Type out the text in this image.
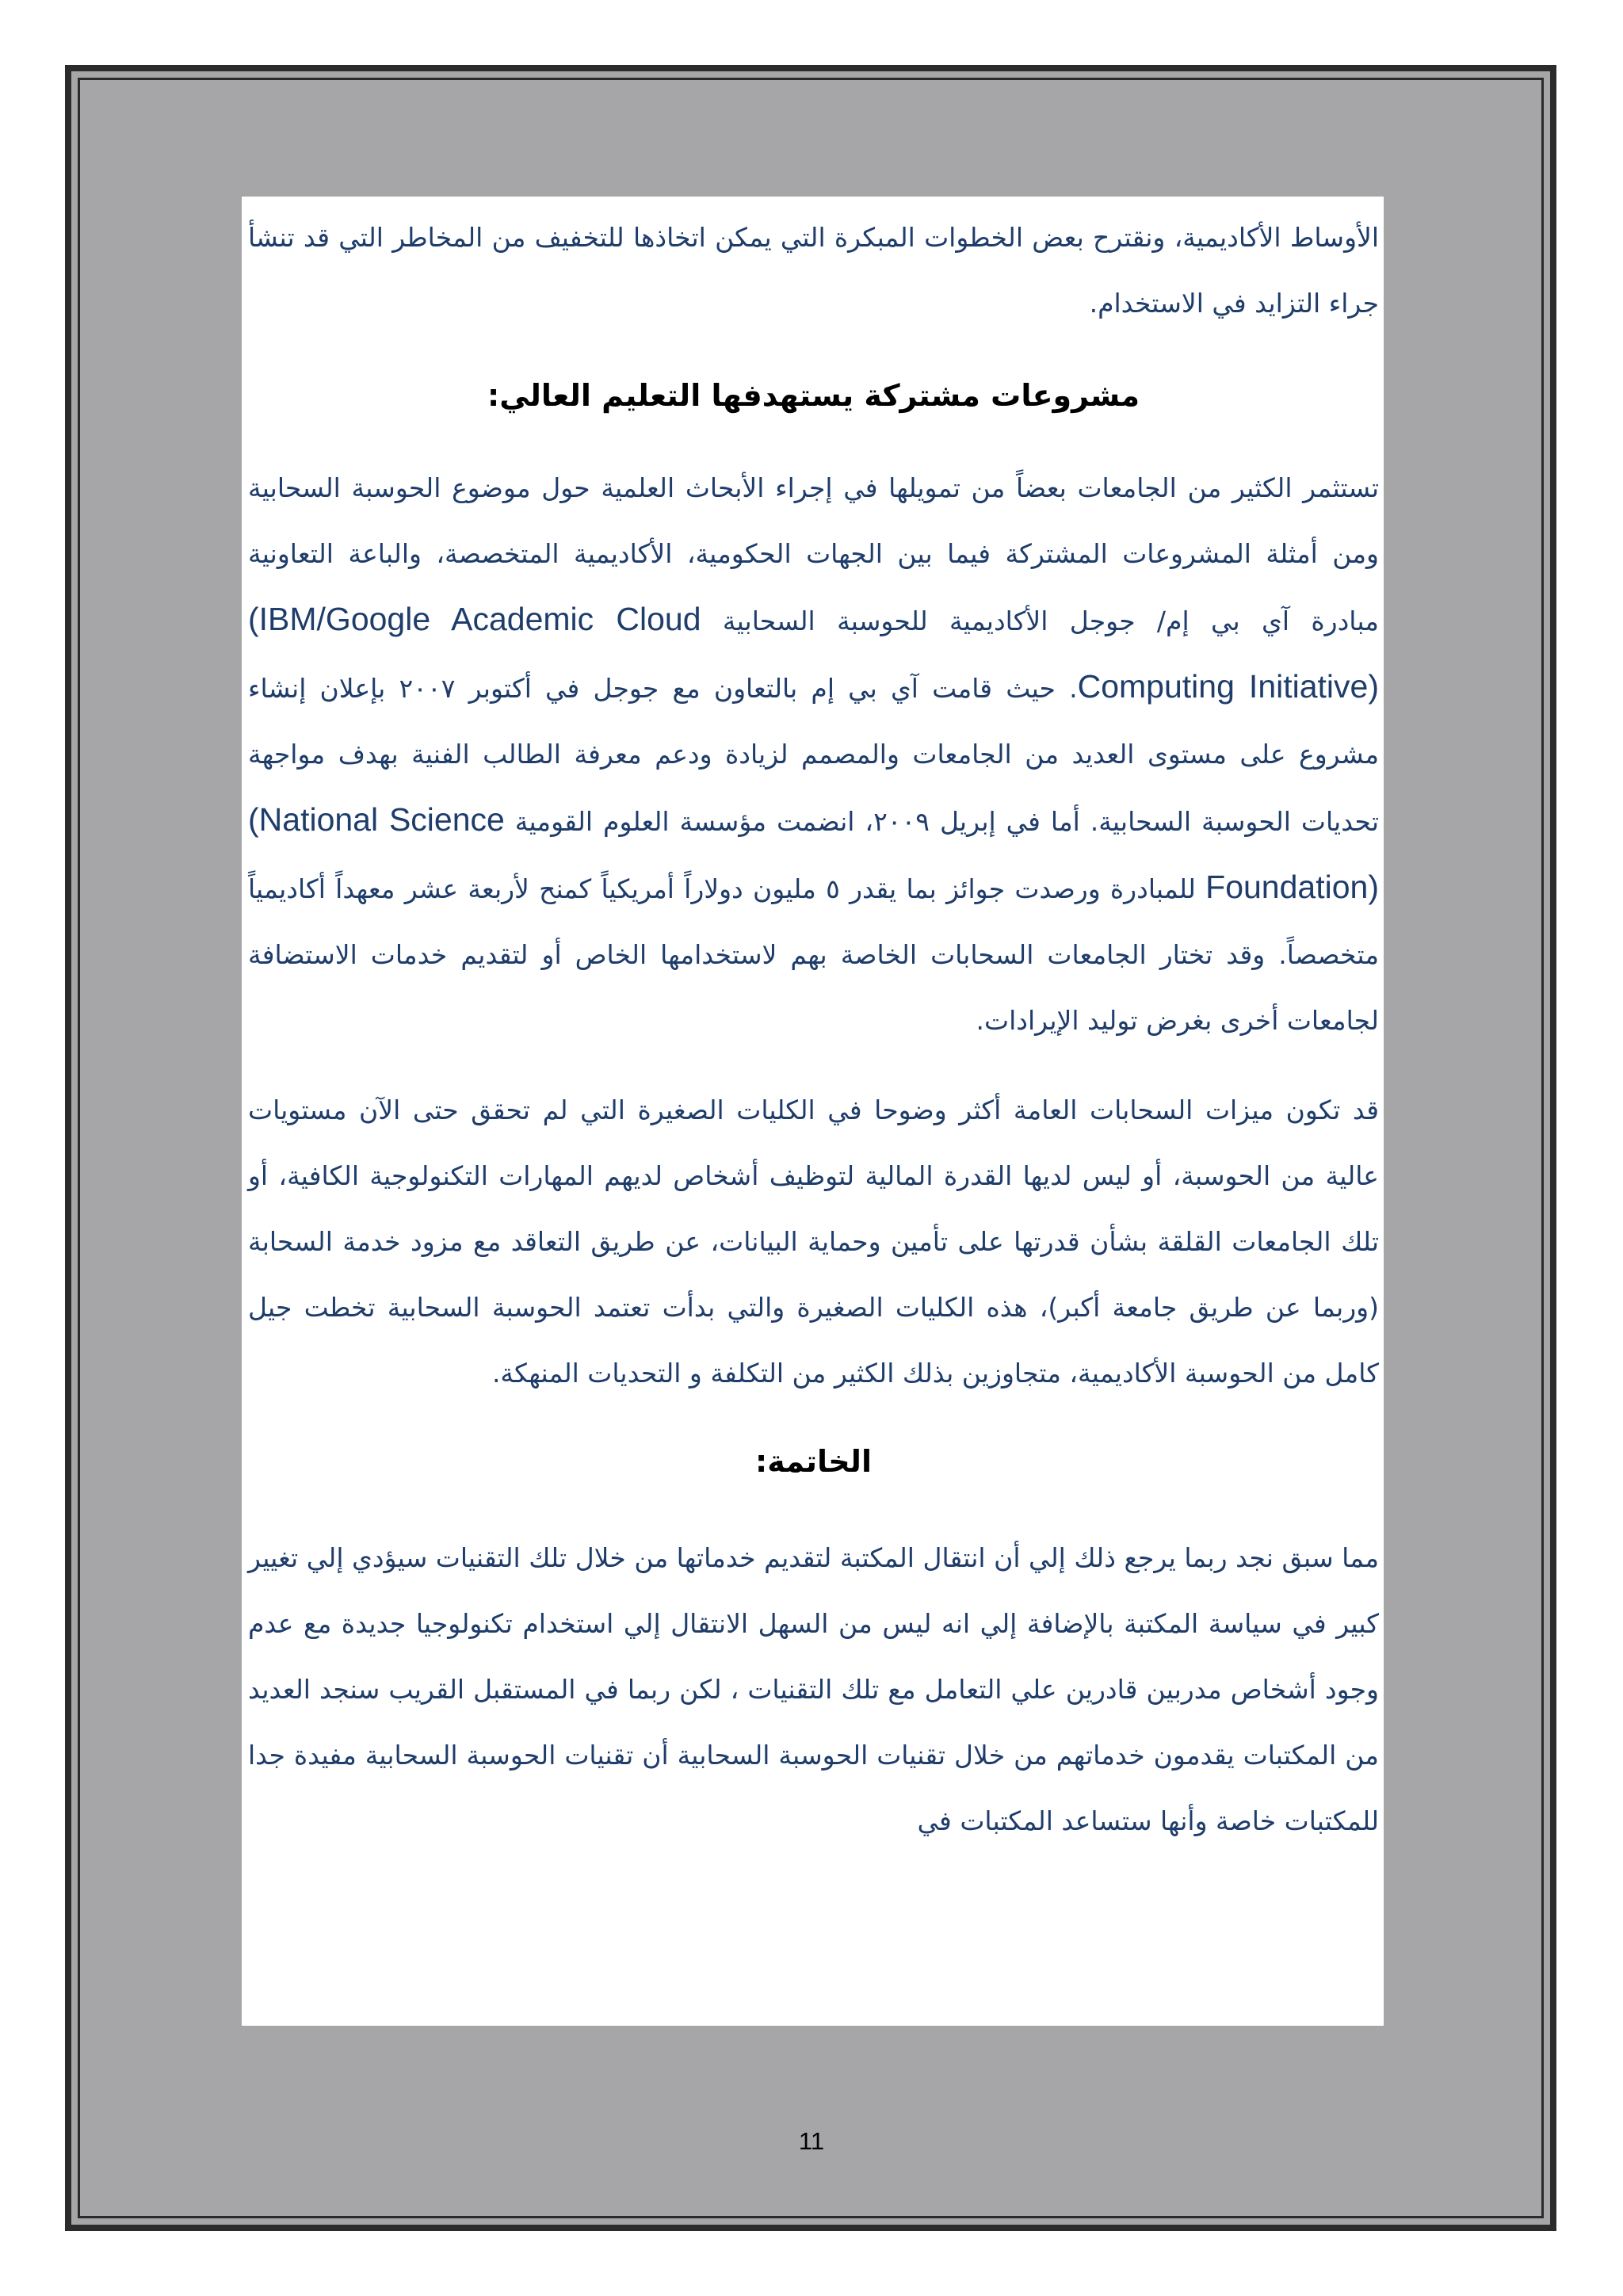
الأوساط الأكاديمية، ونقترح بعض الخطوات المبكرة التي يمكن اتخاذها للتخفيف من المخاطر التي قد تنشأ جراء التزايد في الاستخدام.

مشروعات مشتركة يستهدفها التعليم العالي:

تستثمر الكثير من الجامعات بعضاً من تمويلها في إجراء الأبحاث العلمية حول موضوع الحوسبة السحابية ومن أمثلة المشروعات المشتركة فيما بين الجهات الحكومية، الأكاديمية المتخصصة، والباعة التعاونية مبادرة آي بي إم/ جوجل الأكاديمية للحوسبة السحابية (IBM/Google Academic Cloud Computing Initiative). حيث قامت آي بي إم بالتعاون مع جوجل في أكتوبر ٢٠٠٧ بإعلان إنشاء مشروع على مستوى العديد من الجامعات والمصمم لزيادة ودعم معرفة الطالب الفنية بهدف مواجهة تحديات الحوسبة السحابية. أما في إبريل ٢٠٠٩، انضمت مؤسسة العلوم القومية (National Science Foundation) للمبادرة ورصدت جوائز بما يقدر ٥ مليون دولاراً أمريكياً كمنح لأربعة عشر معهداً أكاديمياً متخصصاً. وقد تختار الجامعات السحابات الخاصة بهم لاستخدامها الخاص أو لتقديم خدمات الاستضافة لجامعات أخرى بغرض توليد الإيرادات.

قد تكون ميزات السحابات العامة أكثر وضوحا في الكليات الصغيرة التي لم تحقق حتى الآن مستويات عالية من الحوسبة، أو ليس لديها القدرة المالية لتوظيف أشخاص لديهم المهارات التكنولوجية الكافية، أو تلك الجامعات القلقة بشأن قدرتها على تأمين وحماية البيانات، عن طريق التعاقد مع مزود خدمة السحابة (وربما عن طريق جامعة أكبر)، هذه الكليات الصغيرة والتي بدأت تعتمد الحوسبة السحابية تخطت جيل كامل من الحوسبة الأكاديمية، متجاوزين بذلك الكثير من التكلفة و التحديات المنهكة.

الخاتمة:

مما سبق نجد ربما يرجع ذلك إلي أن انتقال المكتبة لتقديم خدماتها من خلال تلك التقنيات سيؤدي إلي تغيير كبير في سياسة المكتبة بالإضافة إلي انه ليس من السهل الانتقال إلي استخدام تكنولوجيا جديدة مع عدم وجود أشخاص مدربين قادرين علي التعامل مع تلك التقنيات ، لكن ربما في المستقبل القريب سنجد العديد من المكتبات يقدمون خدماتهم من خلال تقنيات الحوسبة السحابية أن تقنيات الحوسبة السحابية مفيدة جدا للمكتبات خاصة وأنها ستساعد المكتبات في

11
